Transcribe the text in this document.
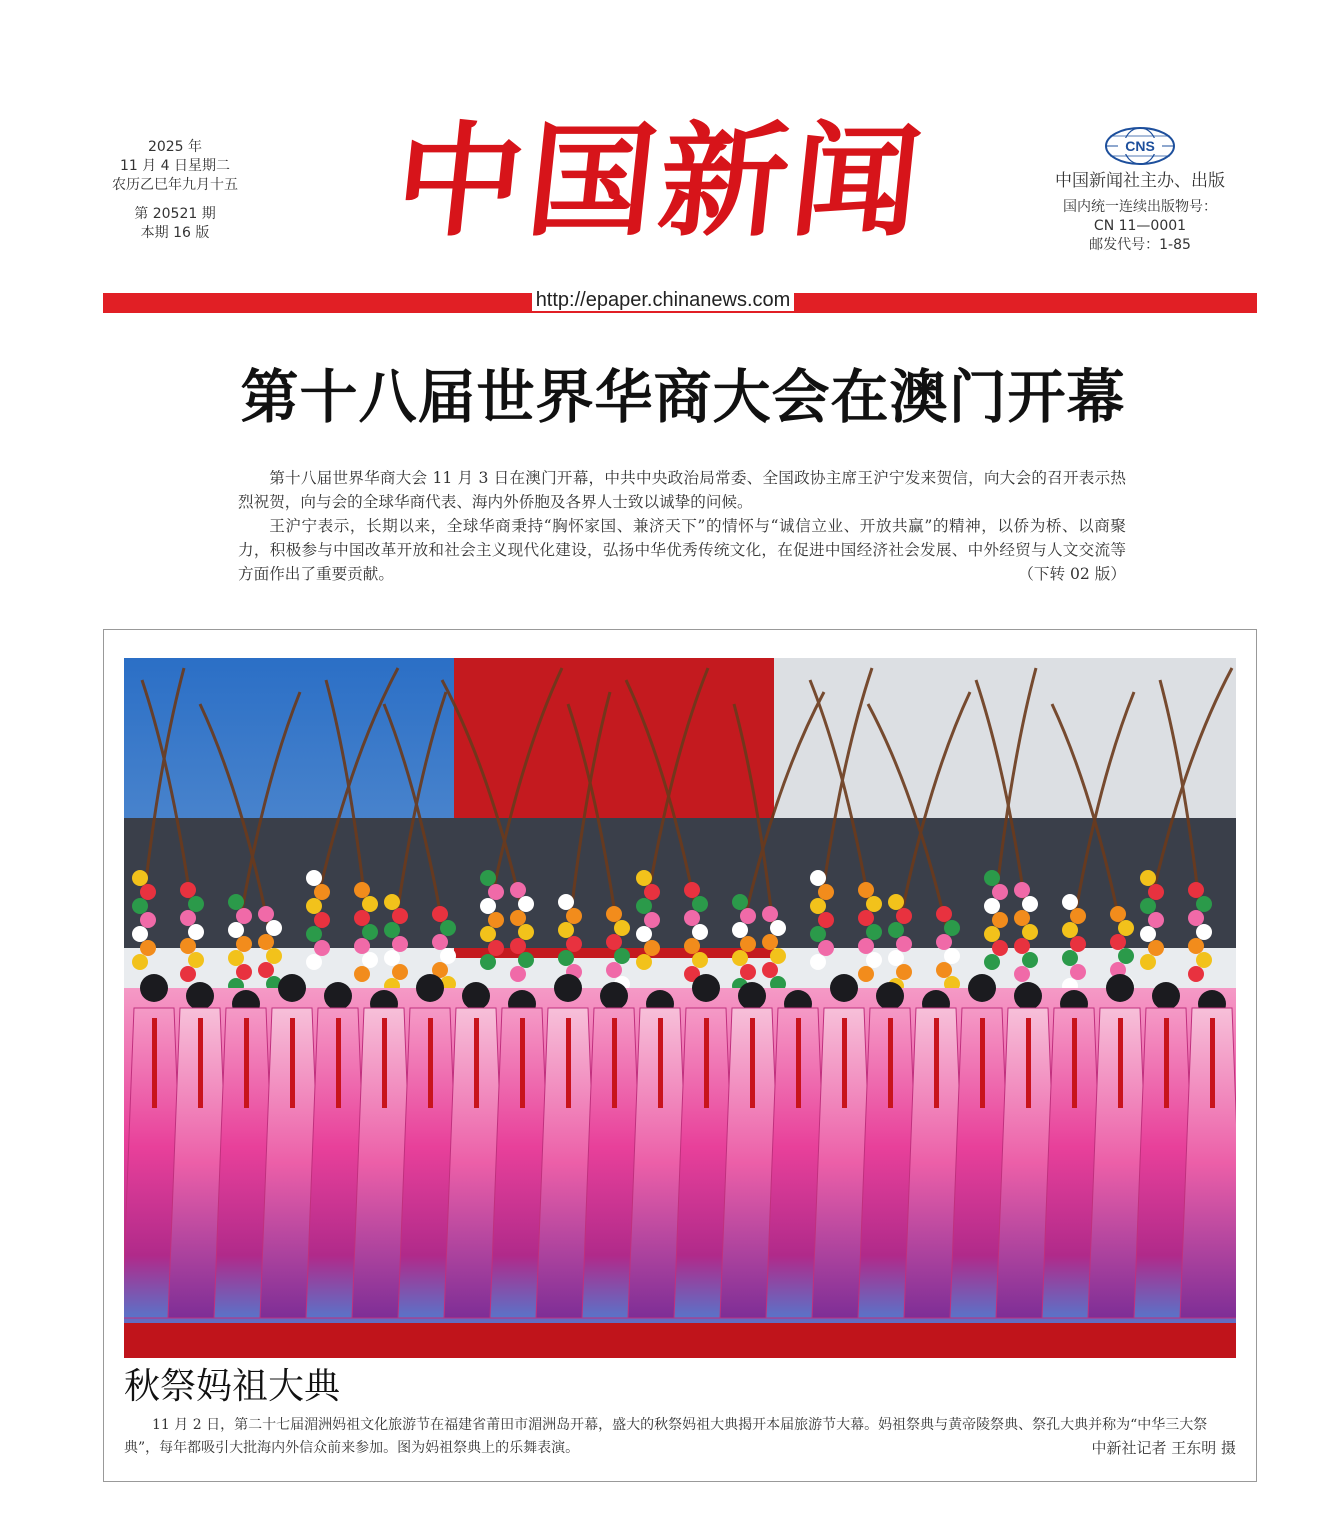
2025 年
11 月 4 日星期二
农历乙巳年九月十五
第 20521 期
本期 16 版 中国新闻	CNS
中国新闻社主办、出版
国内统一连续出版物号：
CN 11—0001
邮发代号：1-85
http://epaper.chinanews.com
第十八届世界华商大会在澳门开幕

第十八届世界华商大会 11 月 3 日在澳门开幕，中共中央政治局常委、全国政协主席王沪宁发来贺信，向大会的召开表示热烈祝贺，向与会的全球华商代表、海内外侨胞及各界人士致以诚挚的问候。

王沪宁表示，长期以来，全球华商秉持“胸怀家国、兼济天下”的情怀与“诚信立业、开放共赢”的精神，以侨为桥、以商聚力，积极参与中国改革开放和社会主义现代化建设，弘扬中华优秀传统文化，在促进中国经济社会发展、中外经贸与人文交流等方面作出了重要贡献。	（下转 02 版）
秋祭妈祖大典

11 月 2 日，第二十七届湄洲妈祖文化旅游节在福建省莆田市湄洲岛开幕，盛大的秋祭妈祖大典揭开本届旅游节大幕。妈祖祭典与黄帝陵祭典、祭孔大典并称为“中华三大祭典”，每年都吸引大批海内外信众前来参加。图为妈祖祭典上的乐舞表演。	中新社记者 王东明 摄
